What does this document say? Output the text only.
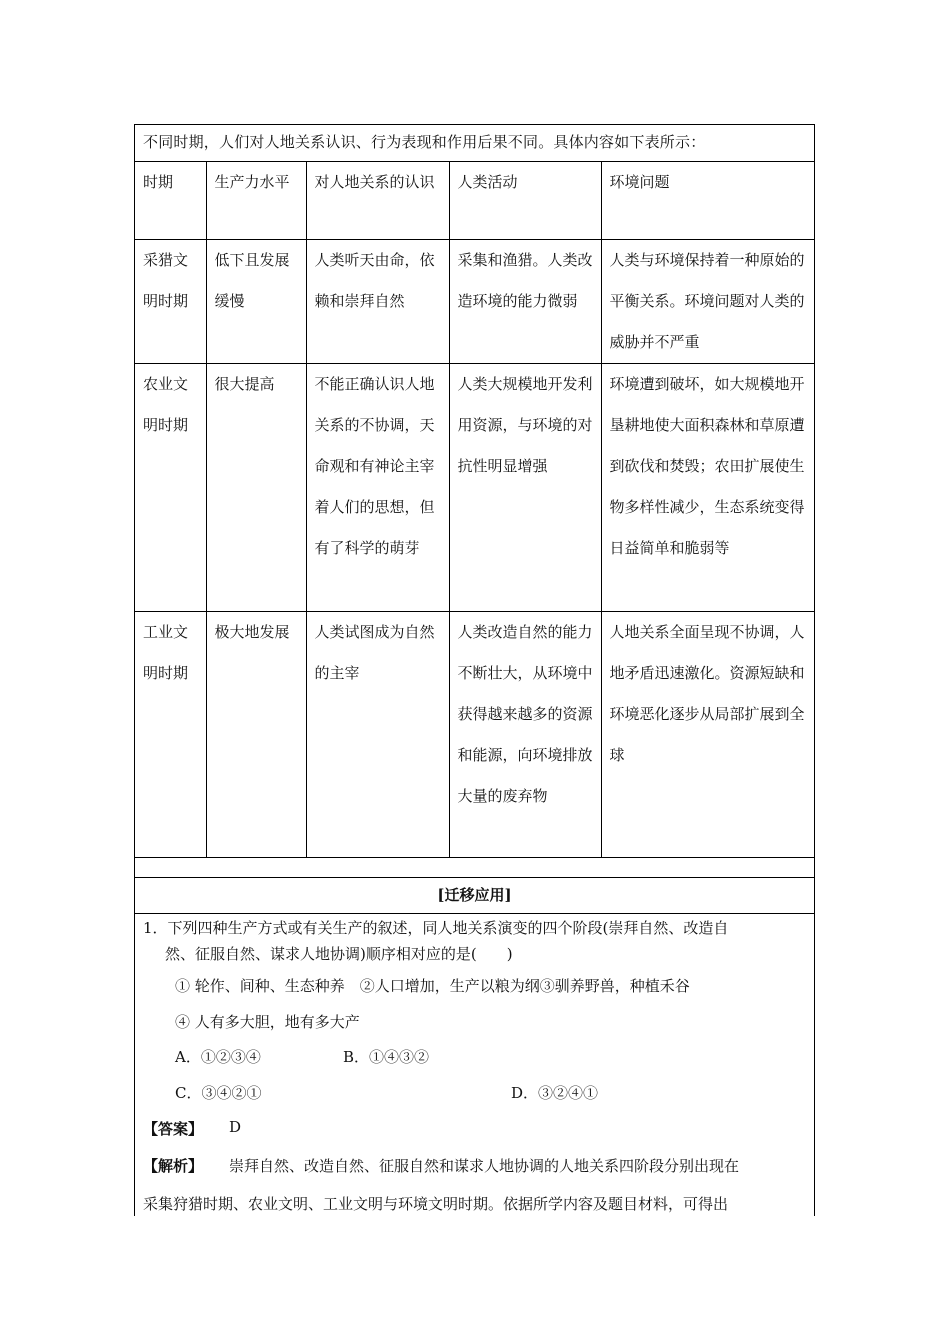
不同时期，人们对人地关系认识、行为表现和作用后果不同。具体内容如下表所示：
时期	生产力水平	对人地关系的认识	人类活动	环境问题
采猎文明时期	低下且发展缓慢	人类听天由命，依赖和崇拜自然	采集和渔猎。人类改造环境的能力微弱	人类与环境保持着一种原始的平衡关系。环境问题对人类的威胁并不严重
农业文明时期	很大提高	不能正确认识人地关系的不协调，天命观和有神论主宰着人们的思想，但有了科学的萌芽	人类大规模地开发利用资源，与环境的对抗性明显增强	环境遭到破坏，如大规模地开垦耕地使大面积森林和草原遭到砍伐和焚毁；农田扩展使生物多样性减少，生态系统变得日益简单和脆弱等
工业文明时期	极大地发展	人类试图成为自然的主宰	人类改造自然的能力不断壮大，从环境中获得越来越多的资源和能源，向环境排放大量的废弃物	人地关系全面呈现不协调，人地矛盾迅速激化。资源短缺和环境恶化逐步从局部扩展到全球
[迁移应用]
1．下列四种生产方式或有关生产的叙述，同人地关系演变的四个阶段(崇拜自然、改造自
然、征服自然、谋求人地协调)顺序相对应的是(　　)
① 轮作、间种、生态种养　②人口增加，生产以粮为纲③驯养野兽，种植禾谷
④ 人有多大胆，地有多大产
A．①②③④	B．①④③②
C．③④②①	D．③②④①
【答案】 D
【解析】 崇拜自然、改造自然、征服自然和谋求人地协调的人地关系四阶段分别出现在
采集狩猎时期、农业文明、工业文明与环境文明时期。依据所学内容及题目材料，可得出
